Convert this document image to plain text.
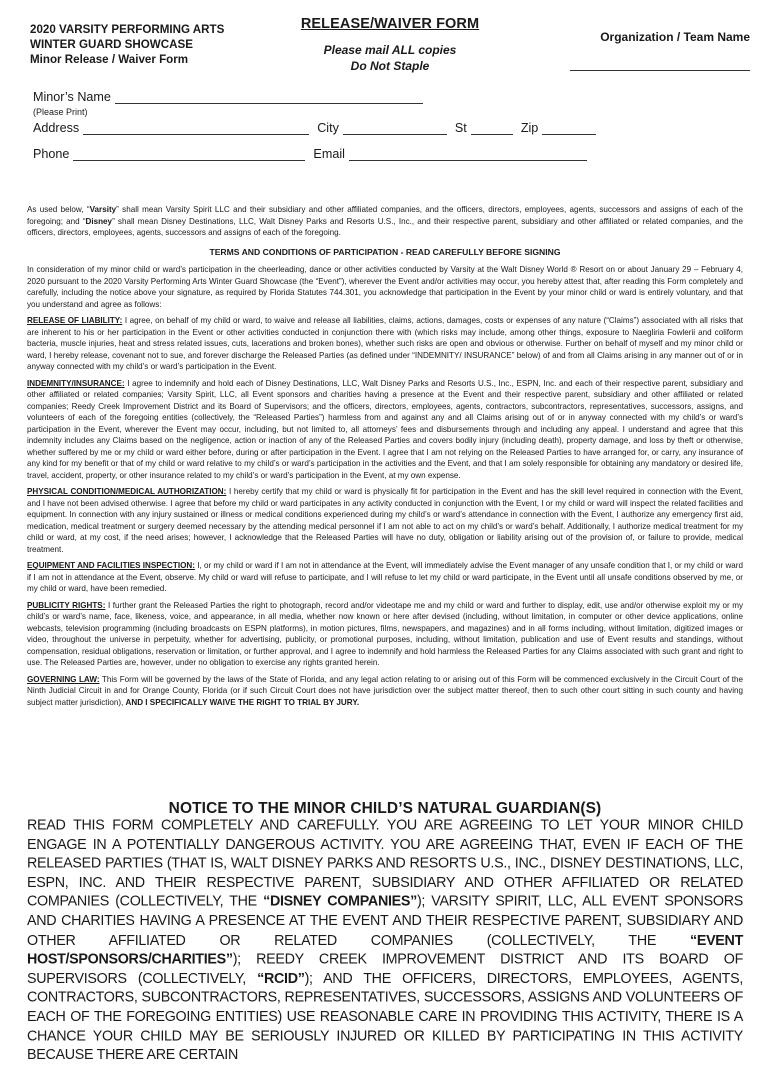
2020 VARSITY PERFORMING ARTS
WINTER GUARD SHOWCASE
Minor Release / Waiver Form
RELEASE/WAIVER FORM
Please mail ALL copies
Do Not Staple
Organization / Team Name
Minor’s Name
(Please Print)
Address	City	St	Zip
Phone	Email
As used below, “Varsity” shall mean Varsity Spirit LLC and their subsidiary and other affiliated companies, and the officers, directors, employees, agents, successors and assigns of each of the foregoing; and “Disney” shall mean Disney Destinations, LLC, Walt Disney Parks and Resorts U.S., Inc., and their respective parent, subsidiary and other affiliated or related companies, and the officers, directors, employees, agents, successors and assigns of each of the foregoing.
TERMS AND CONDITIONS OF PARTICIPATION - READ CAREFULLY BEFORE SIGNING

In consideration of my minor child or ward’s participation in the cheerleading, dance or other activities conducted by Varsity at the Walt Disney World ® Resort on or about January 29 – February 4, 2020 pursuant to the 2020 Varsity Performing Arts Winter Guard Showcase (the “Event”), wherever the Event and/or activities may occur, you hereby attest that, after reading this Form completely and carefully, including the notice above your signature, as required by Florida Statutes 744.301, you acknowledge that participation in the Event by your minor child or ward is entirely voluntary, and that you understand and agree as follows:

RELEASE OF LIABILITY: I agree, on behalf of my child or ward, to waive and release all liabilities, claims, actions, damages, costs or expenses of any nature (“Claims”) associated with all risks that are inherent to his or her participation in the Event or other activities conducted in conjunction there with (which risks may include, among other things, exposure to Naegliria Fowlerii and coliform bacteria, muscle injuries, heat and stress related issues, cuts, lacerations and broken bones), whether such risks are open and obvious or otherwise. Further on behalf of myself and my minor child or ward, I hereby release, covenant not to sue, and forever discharge the Released Parties (as defined under “INDEMNITY/ INSURANCE” below) of and from all Claims arising in any manner out of or in anyway connected with my child’s or ward’s participation in the Event.

INDEMNITY/INSURANCE: I agree to indemnify and hold each of Disney Destinations, LLC, Walt Disney Parks and Resorts U.S., Inc., ESPN, Inc. and each of their respective parent, subsidiary and other affiliated or related companies; Varsity Spirit, LLC, all Event sponsors and charities having a presence at the Event and their respective parent, subsidiary and other affiliated or related companies; Reedy Creek Improvement District and its Board of Supervisors; and the officers, directors, employees, agents, contractors, subcontractors, representatives, successors, assigns, and volunteers of each of the foregoing entities (collectively, the “Released Parties”) harmless from and against any and all Claims arising out of or in anyway connected with my child’s or ward’s participation in the Event, wherever the Event may occur, including, but not limited to, all attorneys’ fees and disbursements through and including any appeal. I understand and agree that this indemnity includes any Claims based on the negligence, action or inaction of any of the Released Parties and covers bodily injury (including death), property damage, and loss by theft or otherwise, whether suffered by me or my child or ward either before, during or after participation in the Event. I agree that I am not relying on the Released Parties to have arranged for, or carry, any insurance of any kind for my benefit or that of my child or ward relative to my child’s or ward’s participation in the activities and the Event, and that I am solely responsible for obtaining any mandatory or desired life, travel, accident, property, or other insurance related to my child’s or ward’s participation in the Event, at my own expense.

PHYSICAL CONDITION/MEDICAL AUTHORIZATION: I hereby certify that my child or ward is physically fit for participation in the Event and has the skill level required in connection with the Event, and I have not been advised otherwise. I agree that before my child or ward participates in any activity conducted in conjunction with the Event, I or my child or ward will inspect the related facilities and equipment. In connection with any injury sustained or illness or medical conditions experienced during my child’s or ward’s attendance in connection with the Event, I authorize any emergency first aid, medication, medical treatment or surgery deemed necessary by the attending medical personnel if I am not able to act on my child’s or ward’s behalf. Additionally, I authorize medical treatment for my child or ward, at my cost, if the need arises; however, I acknowledge that the Released Parties will have no duty, obligation or liability arising out of the provision of, or failure to provide, medical treatment.

EQUIPMENT AND FACILITIES INSPECTION: I, or my child or ward if I am not in attendance at the Event, will immediately advise the Event manager of any unsafe condition that I, or my child or ward if I am not in attendance at the Event, observe. My child or ward will refuse to participate, and I will refuse to let my child or ward participate, in the Event until all unsafe conditions observed by me, or my child or ward, have been remedied.

PUBLICITY RIGHTS: I further grant the Released Parties the right to photograph, record and/or videotape me and my child or ward and further to display, edit, use and/or otherwise exploit my or my child’s or ward’s name, face, likeness, voice, and appearance, in all media, whether now known or here after devised (including, without limitation, in computer or other device applications, online webcasts, television programming (including broadcasts on ESPN platforms), in motion pictures, films, newspapers, and magazines) and in all forms including, without limitation, digitized images or video, throughout the universe in perpetuity, whether for advertising, publicity, or promotional purposes, including, without limitation, publication and use of Event results and standings, without compensation, residual obligations, reservation or limitation, or further approval, and I agree to indemnify and hold harmless the Released Parties for any Claims associated with such grant and right to use. The Released Parties are, however, under no obligation to exercise any rights granted herein.

GOVERNING LAW: This Form will be governed by the laws of the State of Florida, and any legal action relating to or arising out of this Form will be commenced exclusively in the Circuit Court of the Ninth Judicial Circuit in and for Orange County, Florida (or if such Circuit Court does not have jurisdiction over the subject matter thereof, then to such other court sitting in such county and having subject matter jurisdiction), AND I SPECIFICALLY WAIVE THE RIGHT TO TRIAL BY JURY.

NOTICE TO THE MINOR CHILD’S NATURAL GUARDIAN(S)
READ THIS FORM COMPLETELY AND CAREFULLY. YOU ARE AGREEING TO LET YOUR MINOR CHILD ENGAGE IN A POTENTIALLY DANGEROUS ACTIVITY. YOU ARE AGREEING THAT, EVEN IF EACH OF THE RELEASED PARTIES (THAT IS, WALT DISNEY PARKS AND RESORTS U.S., INC., DISNEY DESTINATIONS, LLC, ESPN, INC. AND THEIR RESPECTIVE PARENT, SUBSIDIARY AND OTHER AFFILIATED OR RELATED COMPANIES (COLLECTIVELY, THE “DISNEY COMPANIES”); VARSITY SPIRIT, LLC, ALL EVENT SPONSORS AND CHARITIES HAVING A PRESENCE AT THE EVENT AND THEIR RESPECTIVE PARENT, SUBSIDIARY AND OTHER AFFILIATED OR RELATED COMPANIES (COLLECTIVELY, THE “EVENT HOST/SPONSORS/CHARITIES”); REEDY CREEK IMPROVEMENT DISTRICT AND ITS BOARD OF SUPERVISORS (COLLECTIVELY, “RCID”); AND THE OFFICERS, DIRECTORS, EMPLOYEES, AGENTS, CONTRACTORS, SUBCONTRACTORS, REPRESENTATIVES, SUCCESSORS, ASSIGNS AND VOLUNTEERS OF EACH OF THE FOREGOING ENTITIES) USE REASONABLE CARE IN PROVIDING THIS ACTIVITY, THERE IS A CHANCE YOUR CHILD MAY BE SERIOUSLY INJURED OR KILLED BY PARTICIPATING IN THIS ACTIVITY BECAUSE THERE ARE CERTAIN
